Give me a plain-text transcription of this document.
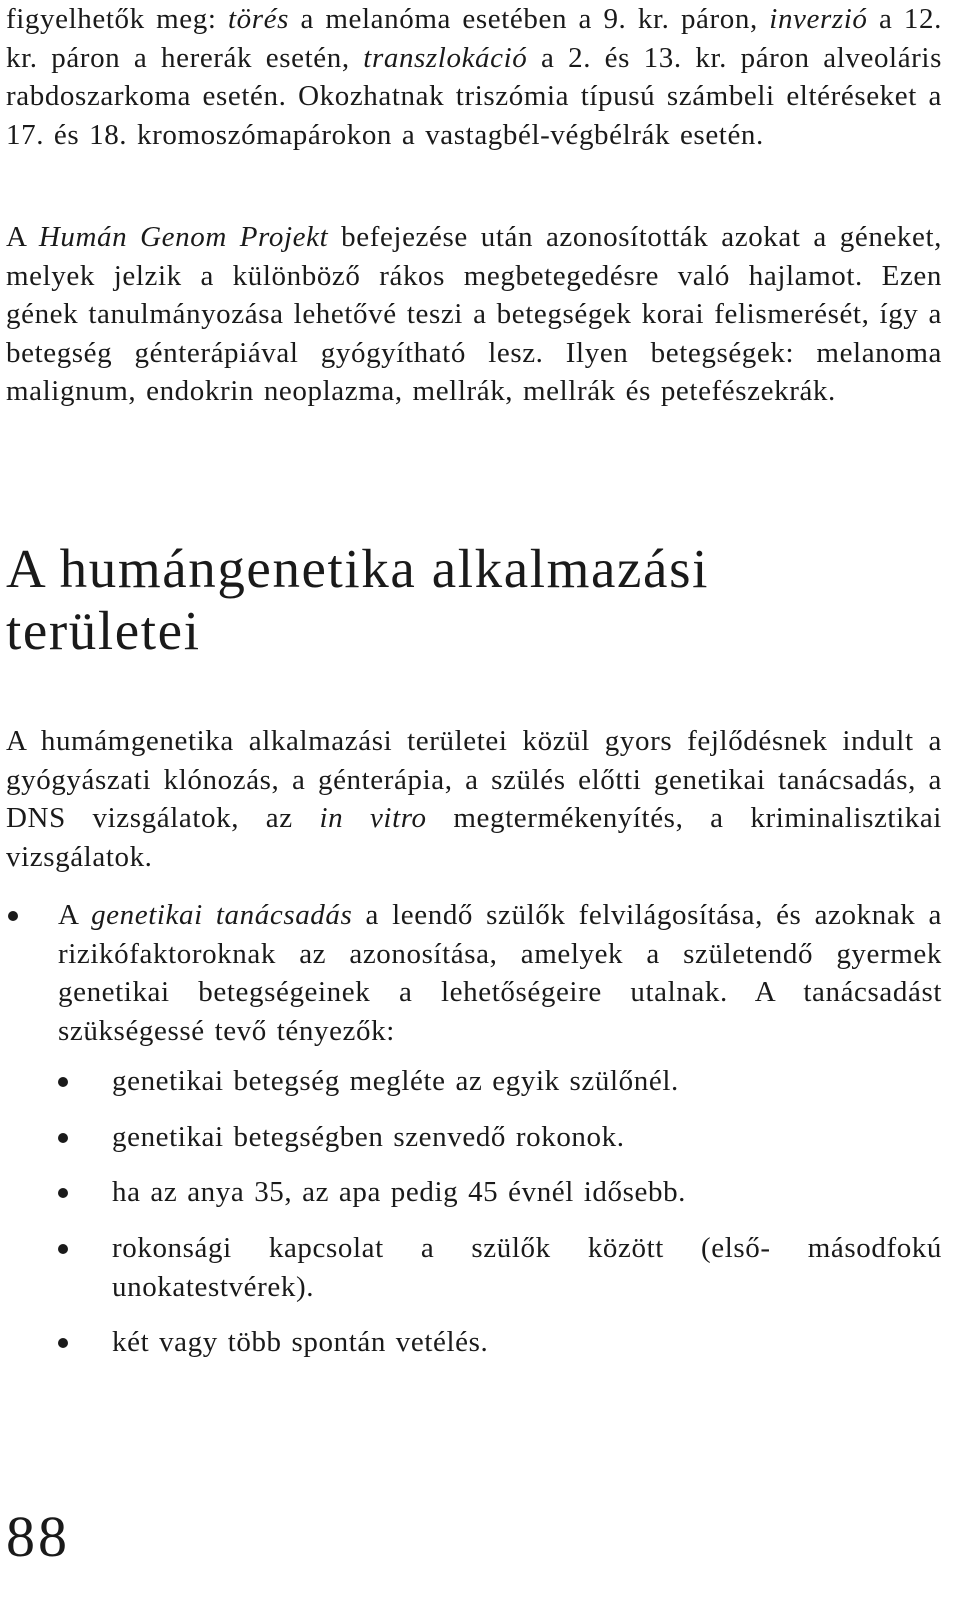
figyelhetők meg: törés a melanóma esetében a 9. kr. páron, inverzió a 12. kr. páron a hererák esetén, transzlokáció a 2. és 13. kr. páron alveoláris rabdoszarkoma esetén. Okozhatnak triszómia típusú számbeli eltéréseket a 17. és 18. kromoszómapárokon a vastagbél-végbélrák esetén.

A Humán Genom Projekt befejezése után azonosították azokat a géneket, melyek jelzik a különböző rákos megbetegedésre való hajlamot. Ezen gének tanulmányozása lehetővé teszi a betegségek korai felismerését, így a betegség génterápiával gyógyítható lesz. Ilyen betegségek: melanoma malignum, endokrin neoplazma, mellrák, mellrák és petefészekrák.

A humángenetika alkalmazási területei

A humámgenetika alkalmazási területei közül gyors fejlődésnek indult a gyógyászati klónozás, a génterápia, a szülés előtti genetikai tanácsadás, a DNS vizsgálatok, az in vitro megtermékenyítés, a kriminalisztikai vizsgálatok.

A genetikai tanácsadás a leendő szülők felvilágosítása, és azoknak a rizikófaktoroknak az azonosítása, amelyek a születendő gyermek genetikai betegségeinek a lehetőségeire utalnak. A tanácsadást szükségessé tevő tényezők:
genetikai betegség megléte az egyik szülőnél.
genetikai betegségben szenvedő rokonok.
ha az anya 35, az apa pedig 45 évnél idősebb.
rokonsági kapcsolat a szülők között (első- másodfokú unokatestvérek).
két vagy több spontán vetélés.
88
